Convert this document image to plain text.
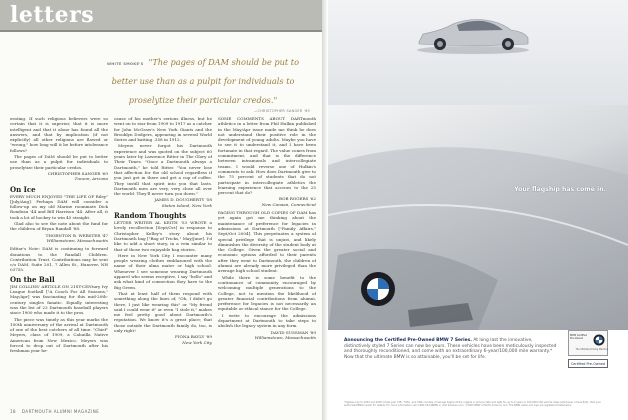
letters
WHITE SMOKE'S "The pages of DAM should be put to better use than as a pulpit for individuals to proselytize their particular credos."
—CHRISTOPHER SANGER '69

erating. If such religious believers were so certain that it is superior, that it is more intelligent and that it alone has found all the answers, and that by implication (if not explicitly) all other religions are flawed or "wrong," how long will it be before intolerance follows?

The pages of DAM should be put to better use than as a pulpit for individuals to proselytize their particular credos.

CHRISTOPHER SANGER '69
Tucson, Arizona
On Ice

EVERY MUCH ENJOYED "THE LIFE OF Riley" [July/Aug]. Perhaps DAM will consider a follow-up on my old Marine roommate Dick Rondeau '44 and Bill Harrison '44. After all, it took a lot of hockey to win 45 straight.

Glad also to see the note about the fund for the children of Bryan Randall '88.

THORNTON B. WEBSTER '47
Williamstown, Massachusetts

Editor's Note: DAM is continuing to forward donations to the Randall Children. Contribution Trust. Contributions may be sent c/o DAM, Suite 201, 7 Allen St., Hanover, NH 03755.

On the Ball

JIM COLLINS' ARTICLE ON 21ST-CENtury Ivy League football ["A Coach For All Seasons," May/Apr] was fascinating for this mid-20th-century singles fanatic. Equally interesting was the list of 23 Dartmouth baseball players since 1900 who made it to the pros.

The piece was timely as this year marks the 100th anniversary of the arrival at Dartmouth of one of the best catchers of all time: "Chief" Meyers, class of 1909, a Cahuilla Native American from New Mexico. Meyers was forced to drop out of Dartmouth after his freshman year be-

cause of his mother's serious illness, but he went on to star from 1909 to 1917 as a catcher for John McGraw's New York Giants and the Brooklyn Dodgers, appearing in several World Series and batting .358 in 1912.

Meyers never forgot his Dartmouth experience and was quoted on the subject 60 years later by Lawrence Ritter in The Glory of Their Times. "Once a Dartmouth always a Dartmouth," he told Ritter. "You never lose that affection for the old school regardless if you just get in there and get a cup of coffee. They instill that spirit into you that lasts. Dartmouth men are very, very close all over the world. They'll never turn you down."

JAMES D. DOUGHERTY '58
Staten Island, New York
Random Thoughts

LETTER WRITER AL KEITH '53 WROTE a lovely recollection [Sept/Oct] in response to Christopher Kelley's story about his Dartmouth bag ["Bag of Tricks," May/June]. I'd like to add a short story, in a vein similar to that of those two enjoyable bag stories.

Here in New York City I encounter many people wearing clothes emblazoned with the name of their alma mater or high school. Whenever I see someone wearing Dartmouth apparel who seems receptive, I say "hello" and ask what kind of connection they have to the Big Green.

That at least half of them respond with something along the lines of, "Oh, I didn't go there, I just like wearing this" or "My friend said I could wear it" or even "I stole it," makes me feel pretty good about Dartmouth's reputation. We know it's a great place; that those outside the Dartmouth family do, too, is only right!

FIONA BAYLY '89
New York City

SOME COMMENTS ABOUT DARTmouth athletics in a letter from Phil Hulkin published in the May/Apr issue made me think he does not understand their positive role in the development of young adults. Maybe you have to see it to understand it, and I have been fortunate in that regard. The value comes from commitment, and that is the difference between intramurals and intercollegiate teams. I would reverse one of Hulkin's comments to ask: How does Dartmouth give to the 75 percent of students that do not participate in intercollegiate athletics the learning experience that accrues to the 25 percent that do?

BOB ROGERS '62
New Canaan, Connecticut

PAGING THROUGH OLD COPIES OF DAM has yet again got me thinking about the maintenance of preference for legacies in admissions at Dartmouth ["Family Affairs," Sept/Oct 2004]. This perpetuates a system of special privilege that is unjust, and likely diminishes the diversity of the student body at the College. Given the greater social and economic options afforded to their parents after they went to Dartmouth, the children of alumni are already more privileged than the average high school student.

While there is some benefit to the continuance of community encouraged by welcoming multiple generations to the College, not to mention the likelihood of greater financial contributions from alumni, preference for legacies is not necessarily an equitable or ethical stance for the College.

I write to encourage the admissions department at Dartmouth to take steps to abolish the legacy system in any form.

DAVID SUSSMAN '89
Williamstown, Massachusetts
18 DARTMOUTH ALUMNI MAGAZINE
Your flagship has come in.
Announcing the Certified Pre-Owned BMW 7 Series. At long last the innovative, distinctively styled 7 Series can now be yours. These vehicles have been meticulously inspected and thoroughly reconditioned, and come with an extraordinary 6-year/100,000 mile warranty.* Now that the ultimate BMW is so attainable, you'll be set for life.
BMW Certified Pre-Owned
The Ultimate Driving Machine
Certified Pre-Owned
*Applies only to 2003 and 2000 model year 745i, 745Li, and 760Li models. Coverage begins at the original in-service date and lasts for up to 6 years or 100,000 total vehicle miles (whichever comes first). Visit your authorized BMW center for details. For more information call 1-800-334-4BMW or visit bmwusa.com. ©2005 BMW of North America, LLC. The BMW name and logo are registered trademarks.
